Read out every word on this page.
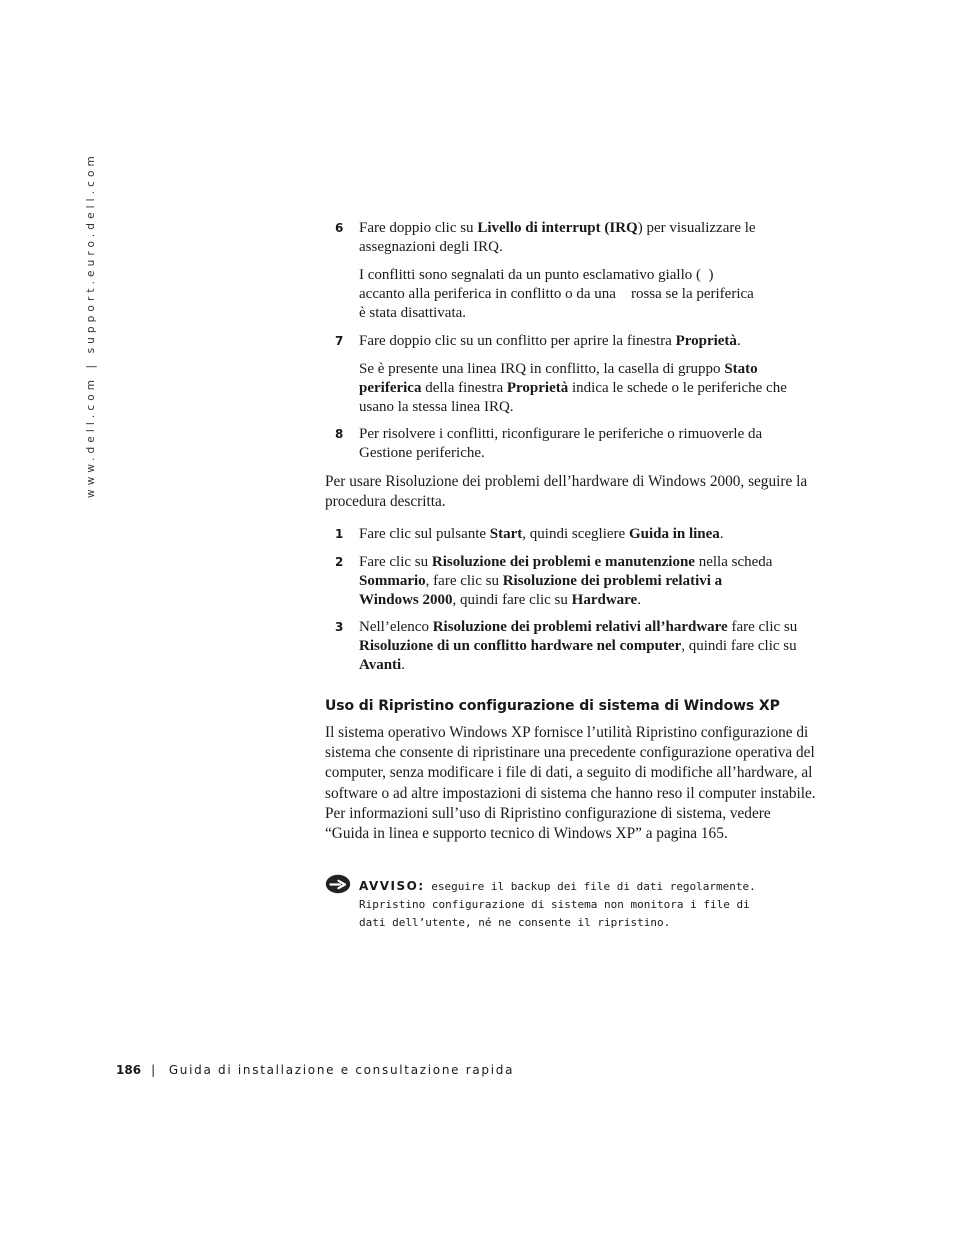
www.dell.com | support.euro.dell.com	6 Fare doppio clic su Livello di interrupt (IRQ) per visualizzare le assegnazioni degli IRQ.
I conflitti sono segnalati da un punto esclamativo giallo (  )
accanto alla periferica in conflitto o da una    rossa se la periferica
è stata disattivata.
7 Fare doppio clic su un conflitto per aprire la finestra Proprietà.
Se è presente una linea IRQ in conflitto, la casella di gruppo Stato periferica della finestra Proprietà indica le schede o le periferiche che usano la stessa linea IRQ.
8 Per risolvere i conflitti, riconfigurare le periferiche o rimuoverle da Gestione periferiche.
Per usare Risoluzione dei problemi dell’hardware di Windows 2000, seguire la procedura descritta.
1 Fare clic sul pulsante Start, quindi scegliere Guida in linea.
2 Fare clic su Risoluzione dei problemi e manutenzione nella scheda Sommario, fare clic su Risoluzione dei problemi relativi a
Windows 2000, quindi fare clic su Hardware.
3 Nell’elenco Risoluzione dei problemi relativi all’hardware fare clic su Risoluzione di un conflitto hardware nel computer, quindi fare clic su Avanti.
Uso di Ripristino configurazione di sistema di Windows XP
Il sistema operativo Windows XP fornisce l’utilità Ripristino configurazione di sistema che consente di ripristinare una precedente configurazione operativa del computer, senza modificare i file di dati, a seguito di modifiche all’hardware, al software o ad altre impostazioni di sistema che hanno reso il computer instabile. Per informazioni sull’uso di Ripristino configurazione di sistema, vedere “Guida in linea e supporto tecnico di Windows XP” a pagina 165.
AVVISO: eseguire il backup dei file di dati regolarmente. Ripristino configurazione di sistema non monitora i file di dati dell’utente, né ne consente il ripristino.
186 | Guida di installazione e consultazione rapida
